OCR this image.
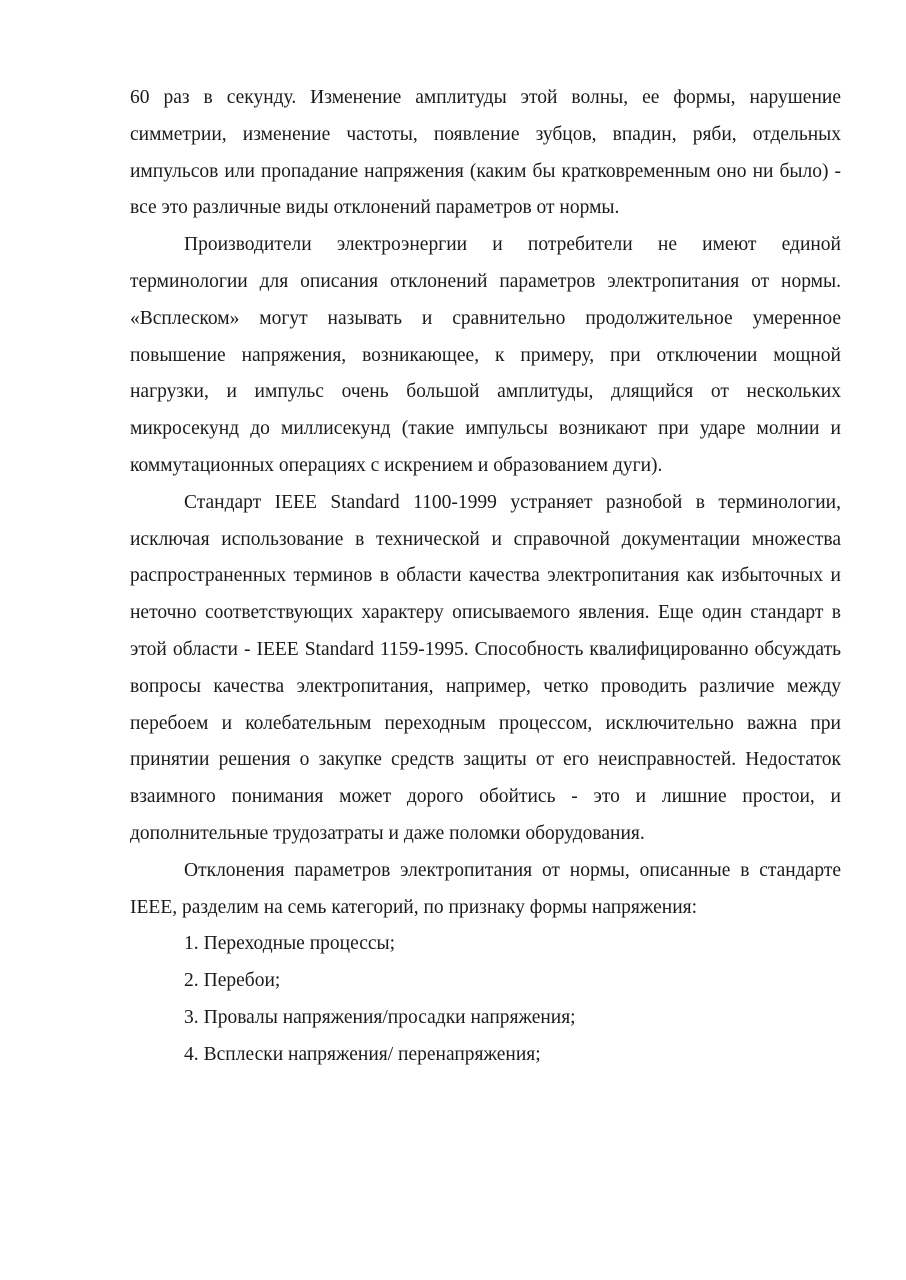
60 раз в секунду. Изменение амплитуды этой волны, ее формы, нарушение симметрии, изменение частоты, появление зубцов, впадин, ряби, отдельных импульсов или пропадание напряжения (каким бы кратковременным оно ни было) - все это различные виды отклонений параметров от нормы.

Производители электроэнергии и потребители не имеют единой терминологии для описания отклонений параметров электропитания от нормы. «Всплеском» могут называть и сравнительно продолжительное умеренное повышение напряжения, возникающее, к примеру, при отключении мощной нагрузки, и импульс очень большой амплитуды, длящийся от нескольких микросекунд до миллисекунд (такие импульсы возникают при ударе молнии и коммутационных операциях с искрением и образованием дуги).

Стандарт IEEE Standard 1100-1999 устраняет разнобой в терминологии, исключая использование в технической и справочной документации множества распространенных терминов в области качества электропитания как избыточных и неточно соответствующих характеру описываемого явления. Еще один стандарт в этой области - IEEE Standard 1159-1995. Способность квалифицированно обсуждать вопросы качества электропитания, например, четко проводить различие между перебоем и колебательным переходным процессом, исключительно важна при принятии решения о закупке средств защиты от его неисправностей. Недостаток взаимного понимания может дорого обойтись - это и лишние простои, и дополнительные трудозатраты и даже поломки оборудования.

Отклонения параметров электропитания от нормы, описанные в стандарте IEEE, разделим на семь категорий, по признаку формы напряжения:

1. Переходные процессы;
2. Перебои;
3. Провалы напряжения/просадки напряжения;
4. Всплески напряжения/ перенапряжения;
